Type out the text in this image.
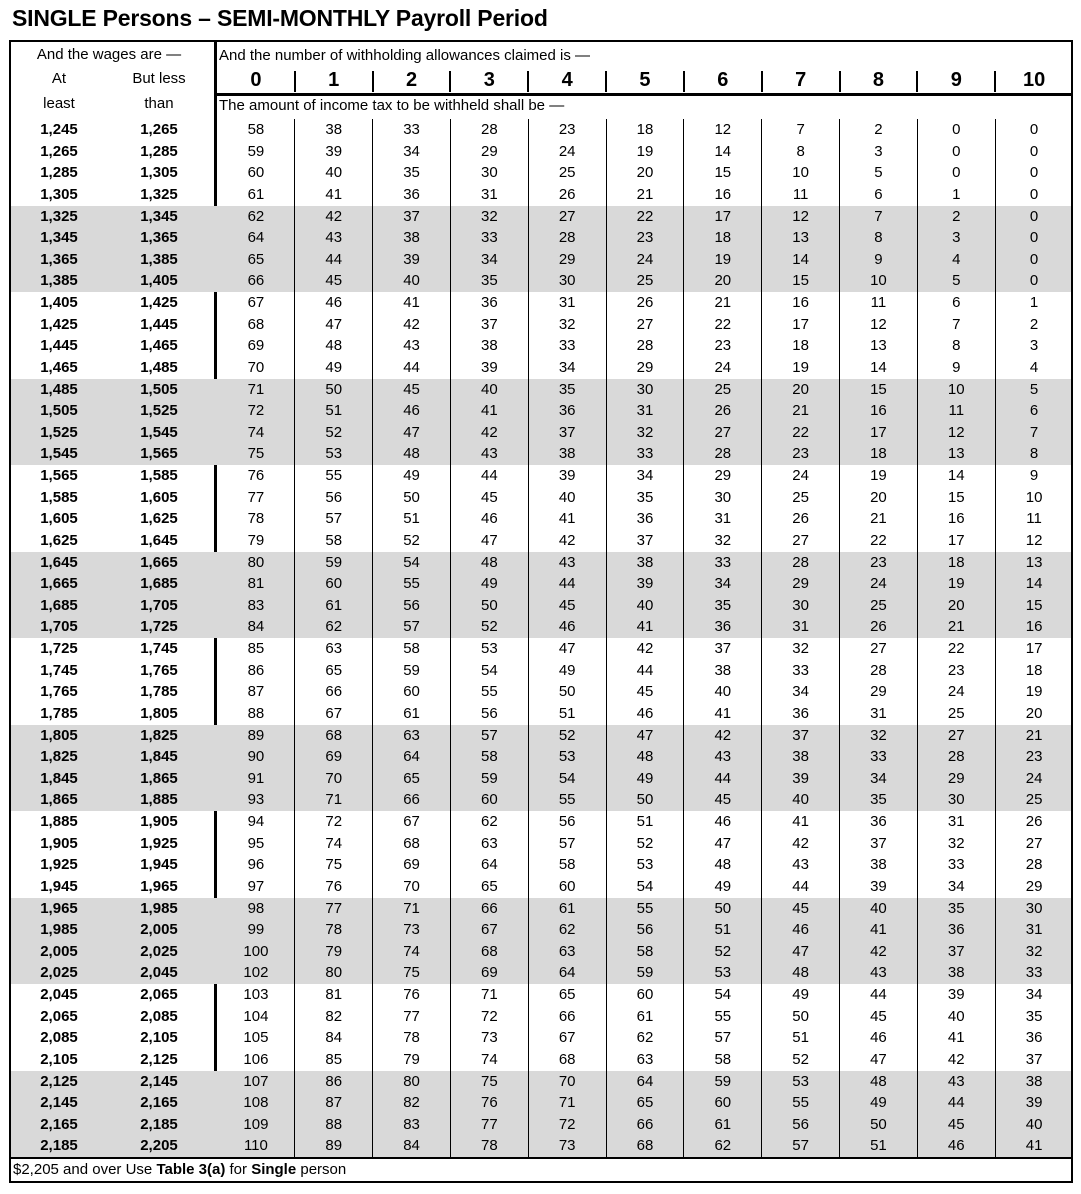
SINGLE Persons – SEMI-MONTHLY Payroll Period
And the wages are —
At
least
But less
than
And the number of withholding allowances claimed is —
The amount of income tax to be withheld shall be —
0	1	2	3	4	5	6	7	8	9	10
1,245	1,265	58	38	33	28	23	18	12	7	2	0	0
1,265	1,285	59	39	34	29	24	19	14	8	3	0	0
1,285	1,305	60	40	35	30	25	20	15	10	5	0	0
1,305	1,325	61	41	36	31	26	21	16	11	6	1	0
1,325	1,345	62	42	37	32	27	22	17	12	7	2	0
1,345	1,365	64	43	38	33	28	23	18	13	8	3	0
1,365	1,385	65	44	39	34	29	24	19	14	9	4	0
1,385	1,405	66	45	40	35	30	25	20	15	10	5	0
1,405	1,425	67	46	41	36	31	26	21	16	11	6	1
1,425	1,445	68	47	42	37	32	27	22	17	12	7	2
1,445	1,465	69	48	43	38	33	28	23	18	13	8	3
1,465	1,485	70	49	44	39	34	29	24	19	14	9	4
1,485	1,505	71	50	45	40	35	30	25	20	15	10	5
1,505	1,525	72	51	46	41	36	31	26	21	16	11	6
1,525	1,545	74	52	47	42	37	32	27	22	17	12	7
1,545	1,565	75	53	48	43	38	33	28	23	18	13	8
1,565	1,585	76	55	49	44	39	34	29	24	19	14	9
1,585	1,605	77	56	50	45	40	35	30	25	20	15	10
1,605	1,625	78	57	51	46	41	36	31	26	21	16	11
1,625	1,645	79	58	52	47	42	37	32	27	22	17	12
1,645	1,665	80	59	54	48	43	38	33	28	23	18	13
1,665	1,685	81	60	55	49	44	39	34	29	24	19	14
1,685	1,705	83	61	56	50	45	40	35	30	25	20	15
1,705	1,725	84	62	57	52	46	41	36	31	26	21	16
1,725	1,745	85	63	58	53	47	42	37	32	27	22	17
1,745	1,765	86	65	59	54	49	44	38	33	28	23	18
1,765	1,785	87	66	60	55	50	45	40	34	29	24	19
1,785	1,805	88	67	61	56	51	46	41	36	31	25	20
1,805	1,825	89	68	63	57	52	47	42	37	32	27	21
1,825	1,845	90	69	64	58	53	48	43	38	33	28	23
1,845	1,865	91	70	65	59	54	49	44	39	34	29	24
1,865	1,885	93	71	66	60	55	50	45	40	35	30	25
1,885	1,905	94	72	67	62	56	51	46	41	36	31	26
1,905	1,925	95	74	68	63	57	52	47	42	37	32	27
1,925	1,945	96	75	69	64	58	53	48	43	38	33	28
1,945	1,965	97	76	70	65	60	54	49	44	39	34	29
1,965	1,985	98	77	71	66	61	55	50	45	40	35	30
1,985	2,005	99	78	73	67	62	56	51	46	41	36	31
2,005	2,025	100	79	74	68	63	58	52	47	42	37	32
2,025	2,045	102	80	75	69	64	59	53	48	43	38	33
2,045	2,065	103	81	76	71	65	60	54	49	44	39	34
2,065	2,085	104	82	77	72	66	61	55	50	45	40	35
2,085	2,105	105	84	78	73	67	62	57	51	46	41	36
2,105	2,125	106	85	79	74	68	63	58	52	47	42	37
2,125	2,145	107	86	80	75	70	64	59	53	48	43	38
2,145	2,165	108	87	82	76	71	65	60	55	49	44	39
2,165	2,185	109	88	83	77	72	66	61	56	50	45	40
2,185	2,205	110	89	84	78	73	68	62	57	51	46	41
$2,205 and over Use Table 3(a) for Single person
